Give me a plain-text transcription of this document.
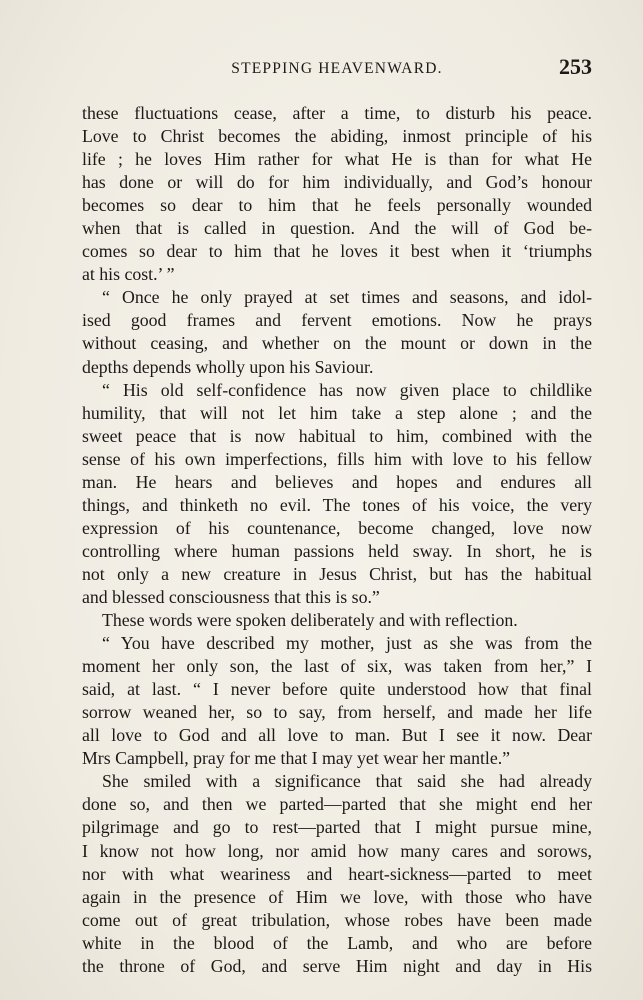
STEPPING HEAVENWARD.	253
these fluctuations cease, after a time, to disturb his peace.
Love to Christ becomes the abiding, inmost principle of his
life ; he loves Him rather for what He is than for what He
has done or will do for him individually, and God’s honour
becomes so dear to him that he feels personally wounded
when that is called in question. And the will of God be-
comes so dear to him that he loves it best when it ‘triumphs
at his cost.’ ”
“ Once he only prayed at set times and seasons, and idol-
ised good frames and fervent emotions. Now he prays
without ceasing, and whether on the mount or down in the
depths depends wholly upon his Saviour.
“ His old self-confidence has now given place to childlike
humility, that will not let him take a step alone ; and the
sweet peace that is now habitual to him, combined with the
sense of his own imperfections, fills him with love to his fellow
man. He hears and believes and hopes and endures all
things, and thinketh no evil. The tones of his voice, the very
expression of his countenance, become changed, love now
controlling where human passions held sway. In short, he is
not only a new creature in Jesus Christ, but has the habitual
and blessed consciousness that this is so.”
These words were spoken deliberately and with reflection.
“ You have described my mother, just as she was from the
moment her only son, the last of six, was taken from her,” I
said, at last. “ I never before quite understood how that final
sorrow weaned her, so to say, from herself, and made her life
all love to God and all love to man. But I see it now. Dear
Mrs Campbell, pray for me that I may yet wear her mantle.”
She smiled with a significance that said she had already
done so, and then we parted—parted that she might end her
pilgrimage and go to rest—parted that I might pursue mine,
I know not how long, nor amid how many cares and sorows,
nor with what weariness and heart-sickness—parted to meet
again in the presence of Him we love, with those who have
come out of great tribulation, whose robes have been made
white in the blood of the Lamb, and who are before
the throne of God, and serve Him night and day in His
